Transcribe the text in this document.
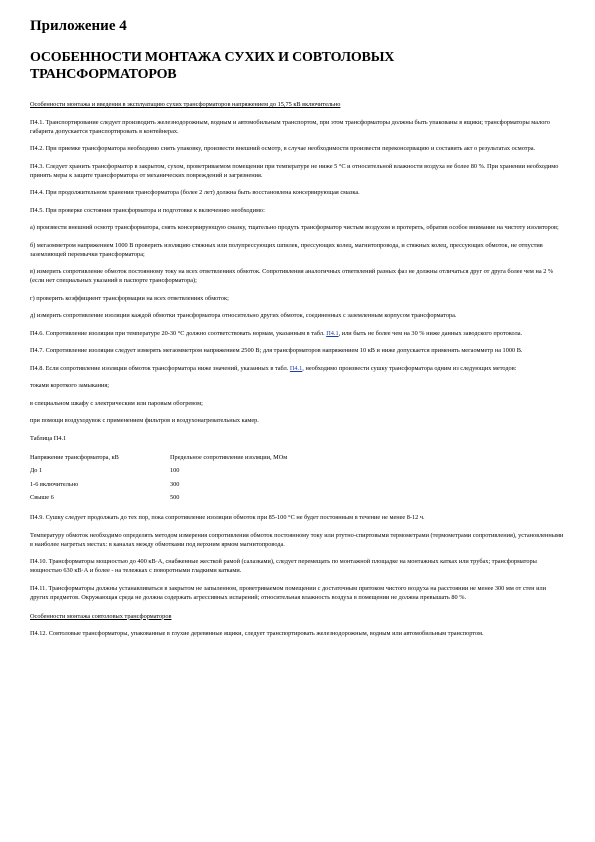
Приложение 4
ОСОБЕННОСТИ МОНТАЖА СУХИХ И СОВТОЛОВЫХ
ТРАНСФОРМАТОРОВ

Особенности монтажа и введения в эксплуатацию сухих трансформаторов напряжением до 15,75 кВ включительно

П4.1. Транспортирование следует производить железнодорожным, водным и автомобильным транспортом, при этом трансформаторы должны быть упакованы в ящики; трансформаторы малого габарита допускается транспортировать в контейнерах.

П4.2. При приемке трансформатора необходимо снять упаковку, произвести внешний осмотр, в случае необходимости произвести переконсервацию и составить акт о результатах осмотра.

П4.3. Следует хранить трансформатор в закрытом, сухом, проветриваемом помещении при температуре не ниже 5 °С и относительной влажности воздуха не более 80 %. При хранении необходимо принять меры к защите трансформатора от механических повреждений и загрязнения.

П4.4. При продолжительном хранении трансформатора (более 2 лет) должна быть восстановлена консервирующая смазка.

П4.5. При проверке состояния трансформатора и подготовке к включению необходимо:

а) произвести внешний осмотр трансформатора, снять консервирующую смазку, тщательно продуть трансформатор чистым воздухом и протереть, обратив особое внимание на чистоту изоляторов;

б) мегаомметром напряжением 1000 В проверить изоляцию стяжных или полупрессующих шпилек, прессующих колец, магнитопровода, и стяжных колец, прессующих обмоток, не отпустив заземляющей перемычки трансформатора;

в) измерить сопротивление обмоток постоянному току на всех ответвлениях обмоток. Сопротивления аналогичных ответвлений разных фаз не должны отличаться друг от друга более чем на 2 % (если нет специальных указаний в паспорте трансформатора);

г) проверить коэффициент трансформации на всех ответвлениях обмоток;

д) измерить сопротивление изоляции каждой обмотки трансформатора относительно других обмоток, соединенных с заземленным корпусом трансформатора.

П4.6. Сопротивление изоляции при температуре 20-30 °С должно соответствовать нормам, указанным в табл. П4.1, или быть не более чем на 30 % ниже данных заводского протокола.

П4.7. Сопротивление изоляции следует измерять мегаомметром напряжением 2500 В; для трансформаторов напряжением 10 кВ и ниже допускается применять мегаомметр на 1000 В.

П4.8. Если сопротивление изоляции обмоток трансформатора ниже значений, указанных в табл. П4.1, необходимо произвести сушку трансформатора одним из следующих методов:

токами короткого замыкания;

в специальном шкафу с электрическим или паровым обогревом;

при помощи воздуходувок с применением фильтров и воздухонагревательных камер.

Таблица П4.1

Напряжение трансформатора, кВ	Предельное сопротивление изоляции, МОм
До 1	100
1-6 включительно	300
Свыше 6	500

П4.9. Сушку следует продолжать до тех пор, пока сопротивление изоляции обмоток при 85-100 °С не будет постоянным в течение не менее 8-12 ч.

Температуру обмоток необходимо определять методом измерения сопротивления обмоток постоянному току или ртутно-спиртовыми термометрами (термометрами сопротивления), установленными в наиболее нагретых местах: в каналах между обмотками под верхним ярмом магнитопровода.

П4.10. Трансформаторы мощностью до 400 кВ·А, снабженные жесткой рамой (салазками), следует перемещать по монтажной площадке на монтажных катках или трубах; трансформаторы мощностью 630 кВ·А и более - на тележках с поворотными гладкими катками.

П4.11. Трансформаторы должны устанавливаться в закрытом не запыленном, проветриваемом помещении с достаточным притоком чистого воздуха на расстоянии не менее 300 мм от стен или других предметов. Окружающая среда не должна содержать агрессивных испарений; относительная влажность воздуха в помещении не должна превышать 80 %.

Особенности монтажа совтоловых трансформаторов

П4.12. Совтоловые трансформаторы, упакованные в глухие деревянные ящики, следует транспортировать железнодорожным, водным или автомобильным транспортом.
